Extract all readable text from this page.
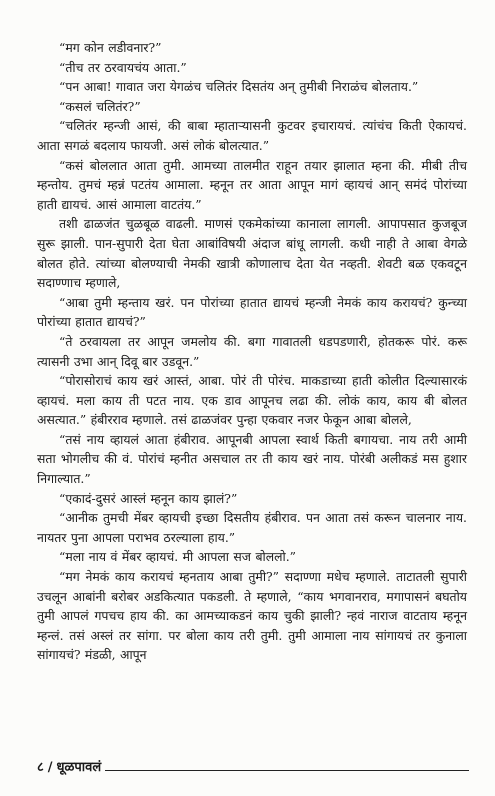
“मग कोन लडीवनार?”

“तीच तर ठरवायचंय आता.”

“पन आबा! गावात जरा येगळंच चलितंर दिसतंय अन्‌ तुमीबी निराळंच बोलताय.”

“कसलं चलितंर?”

“चलितंर म्हन्जी आसं, की बाबा म्हाताऱ्यासनी कुटवर इचारायचं. त्यांचंच किती ऐकायचं. आता सगळं बदलाय फायजी. असं लोकं बोलत्यात.”

“कसं बोललात आता तुमी. आमच्या तालमीत राहून तयार झालात म्हना की. मीबी तीच म्हन्तोय. तुमचं म्हन्नं पटतंय आमाला. म्हनून तर आता आपून मागं व्हायचं आन्‌ समंदं पोरांच्या हाती द्यायचं. आसं आमाला वाटतंय.”

तशी ढाळजंत चुळबूळ वाढली. माणसं एकमेकांच्या कानाला लागली. आपापसात कुजबूज सुरू झाली. पान-सुपारी देता घेता आबांविषयी अंदाज बांधू लागली. कधी नाही ते आबा वेगळे बोलत होते. त्यांच्या बोलण्याची नेमकी खात्री कोणालाच देता येत नव्हती. शेवटी बळ एकवटून सदाण्णाच म्हणाले,

“आबा तुमी म्हन्ताय खरं. पन पोरांच्या हातात द्यायचं म्हन्जी नेमकं काय करायचं? कुन्च्या पोरांच्या हातात द्यायचं?”

“ते ठरवायला तर आपून जमलोय की. बगा गावातली धडपडणारी, होतकरू पोरं. करू त्यासनी उभा आन्‌ दिवू बार उडवून.”

“पोरासोराचं काय खरं आस्तं, आबा. पोरं ती पोरंच. माकडाच्या हाती कोलीत दिल्यासारकं व्हायचं. मला काय ती पटत नाय. एक डाव आपूनच लढा की. लोकं काय, काय बी बोलत असत्यात.” हंबीरराव म्हणाले. तसं ढाळजंवर पुन्हा एकवार नजर फेकून आबा बोलले,

“तसं नाय व्हायलं आता हंबीराव. आपूनबी आपला स्वार्थ किती बगायचा. नाय तरी आमी सता भोगलीच की वं. पोरांचं म्हनीत असचाल तर ती काय खरं नाय. पोरंबी अलीकडं मस हुशार निगाल्यात.”

“एकादं-दुसरं आस्लं म्हनून काय झालं?”

“आनीक तुमची मेंबर व्हायची इच्छा दिसतीय हंबीराव. पन आता तसं करून चालनार नाय. नायतर पुना आपला पराभव ठरल्याला हाय.”

“मला नाय वं मेंबर व्हायचं. मी आपला सज बोललो.”

“मग नेमकं काय करायचं म्हनताय आबा तुमी?” सदाण्णा मधेच म्हणाले. ताटातली सुपारी उचलून आबांनी बरोबर अडकित्यात पकडली. ते म्हणाले, “काय भगवानराव, मगापासनं बघतोय तुमी आपलं गपचच हाय की. का आमच्याकडनं काय चुकी झाली? न्हवं नाराज वाटताय म्हनून म्हन्लं. तसं अस्लं तर सांगा. पर बोला काय तरी तुमी. तुमी आमाला नाय सांगायचं तर कुनाला सांगायचं? मंडळी, आपून

८ / धूळपावलं
